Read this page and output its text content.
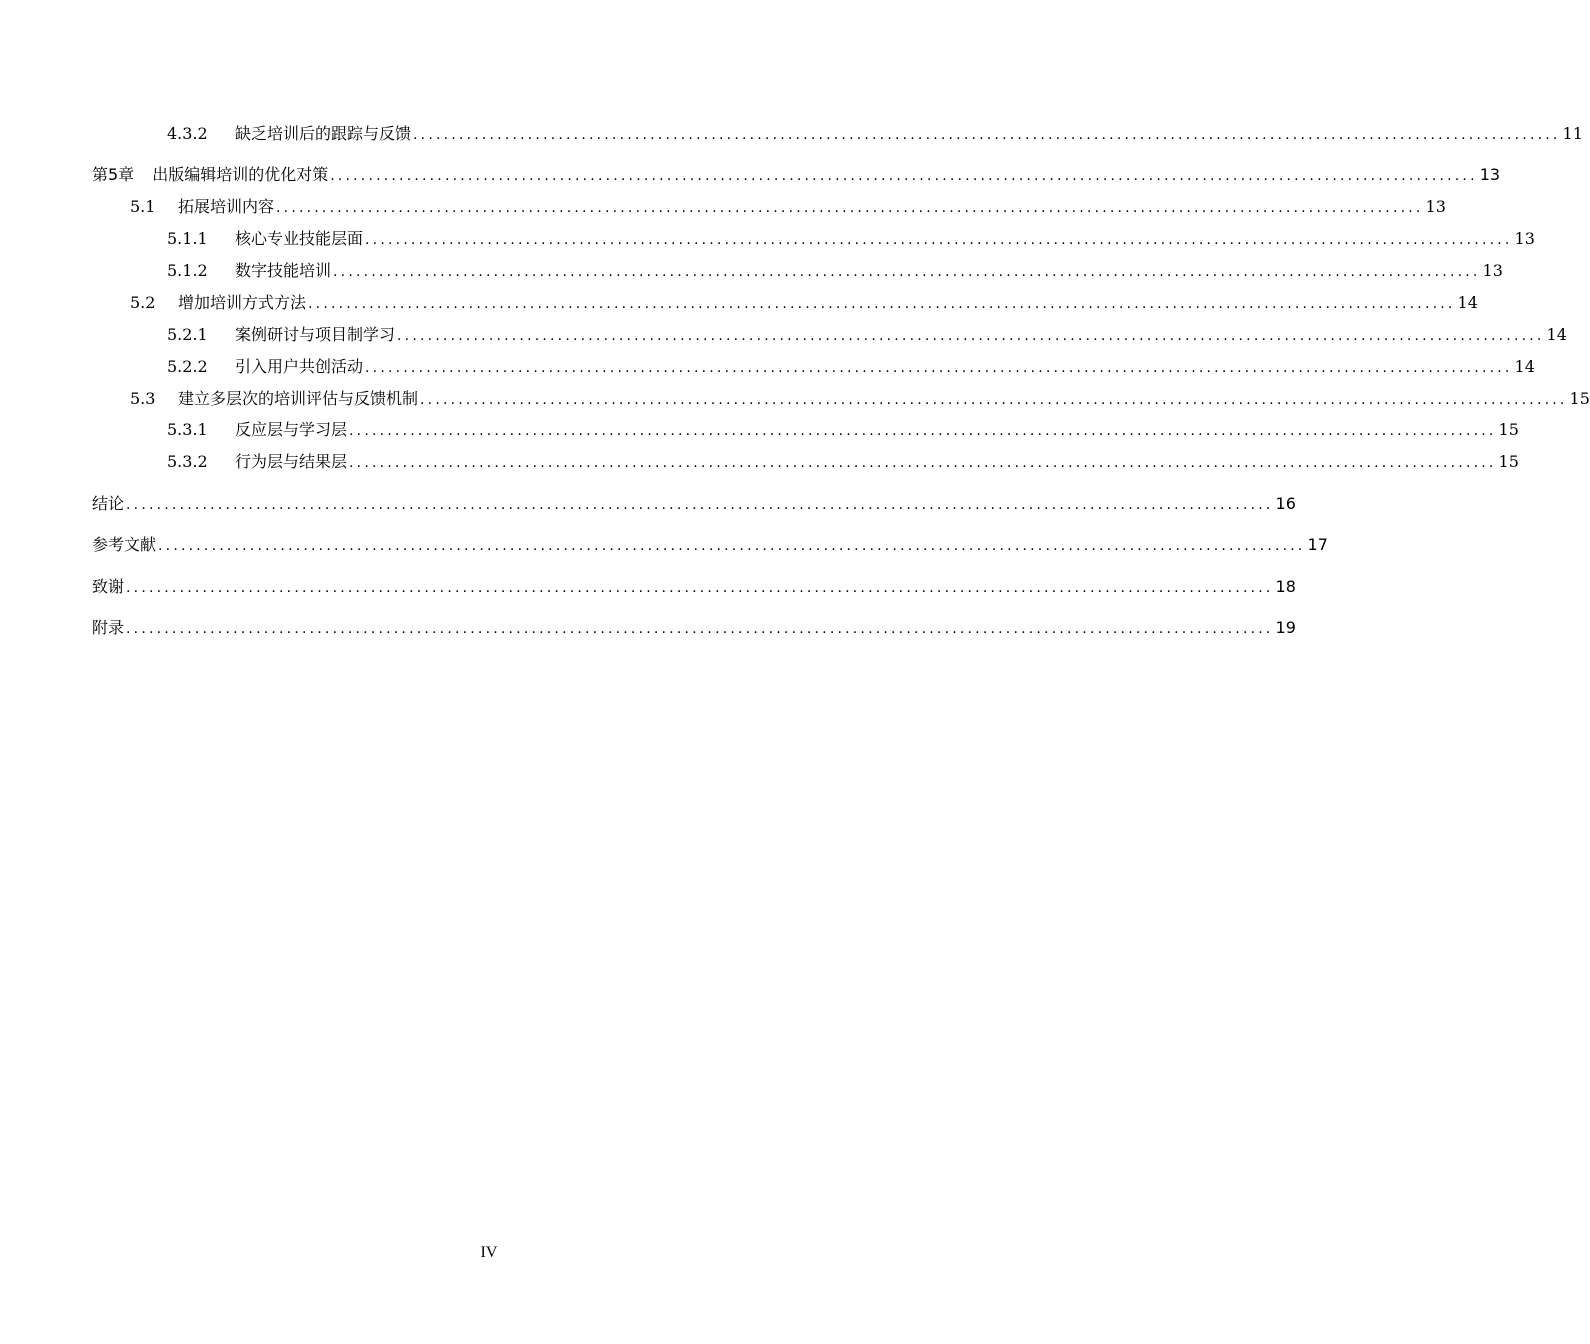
4.3.2	缺乏培训后的跟踪与反馈 ...................................................................................................................................................... 11
第5章 出版编辑培训的优化对策 ...................................................................................................................................................... 13
5.1	拓展培训内容 ...................................................................................................................................................... 13
5.1.1	核心专业技能层面 ...................................................................................................................................................... 13
5.1.2	数字技能培训 ...................................................................................................................................................... 13
5.2	增加培训方式方法 ...................................................................................................................................................... 14
5.2.1	案例研讨与项目制学习 ...................................................................................................................................................... 14
5.2.2	引入用户共创活动 ...................................................................................................................................................... 14
5.3	建立多层次的培训评估与反馈机制 ...................................................................................................................................................... 15
5.3.1	反应层与学习层 ...................................................................................................................................................... 15
5.3.2	行为层与结果层 ...................................................................................................................................................... 15
结论 ...................................................................................................................................................... 16
参考文献 ...................................................................................................................................................... 17
致谢 ...................................................................................................................................................... 18
附录 ...................................................................................................................................................... 19
IV
